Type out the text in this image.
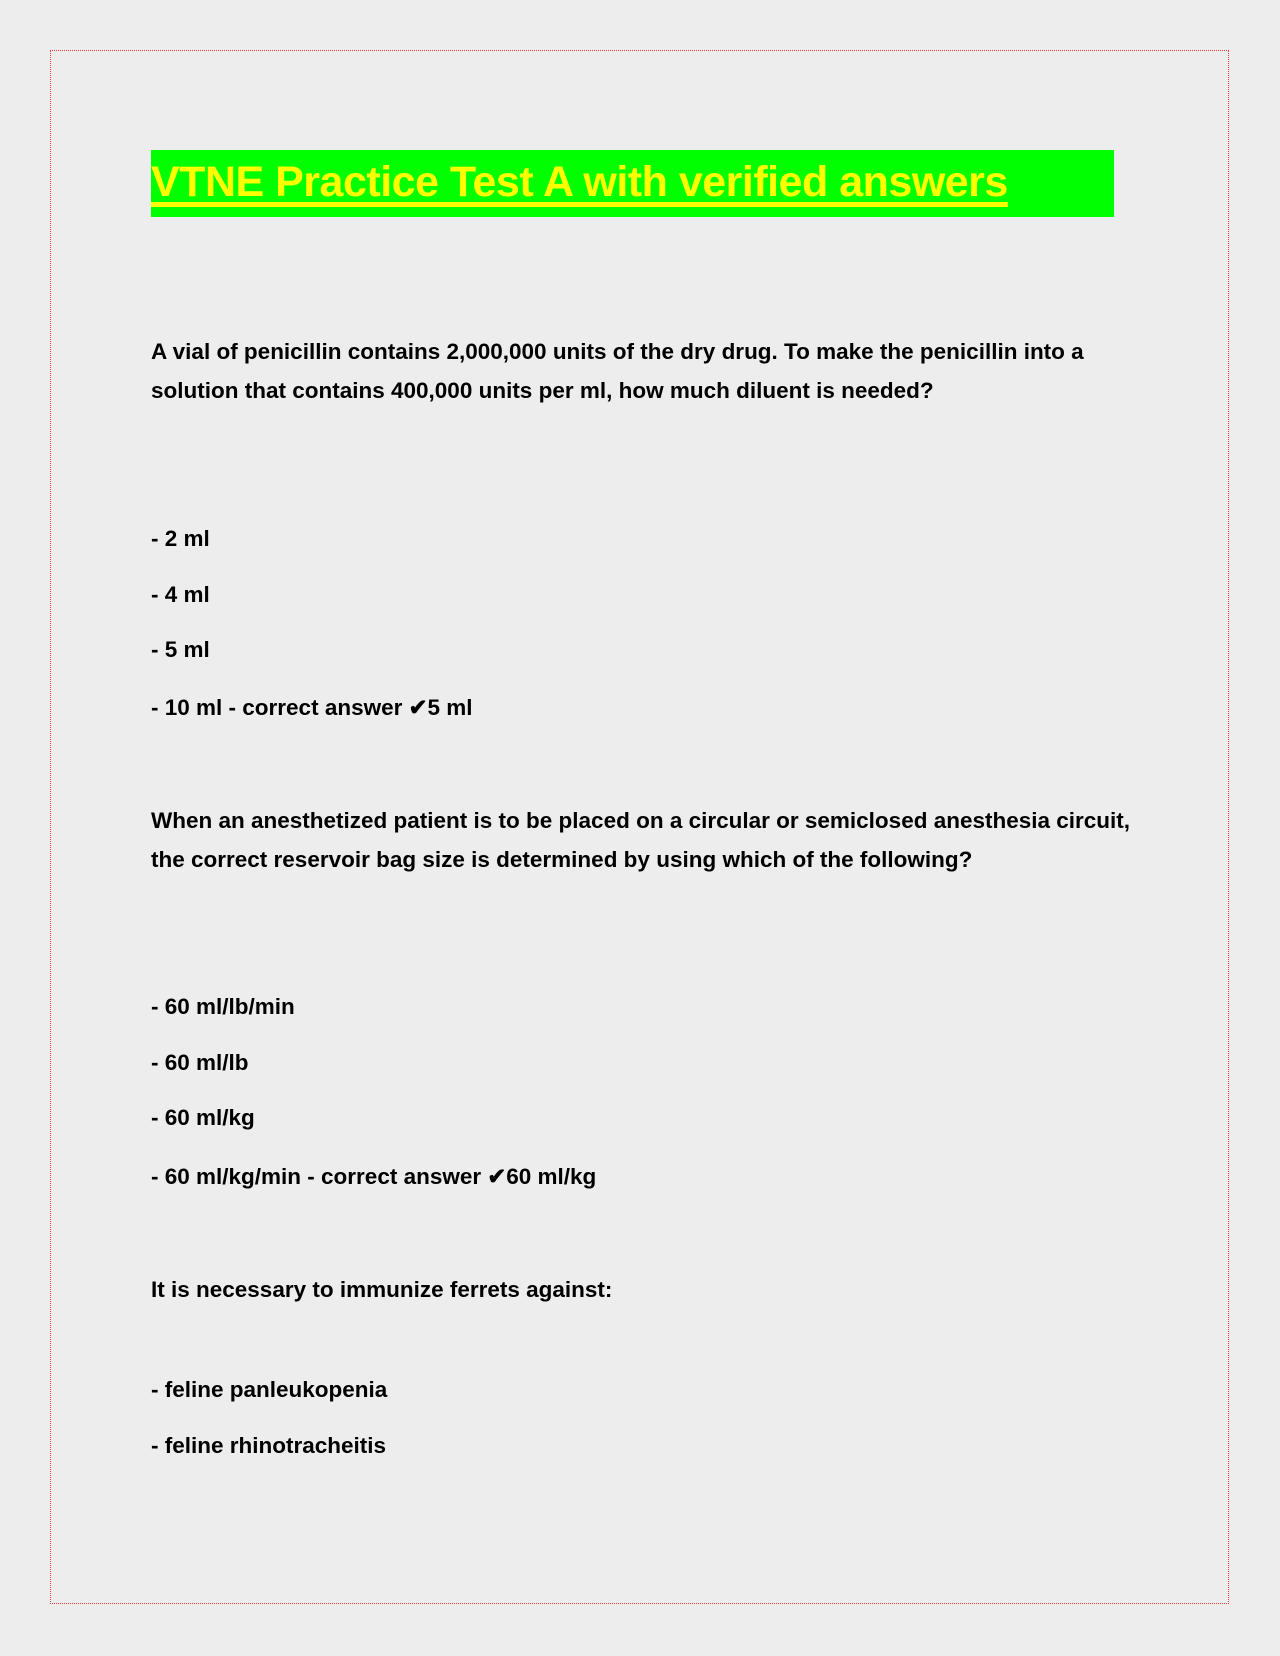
VTNE Practice Test A with verified answers
A vial of penicillin contains 2,000,000 units of the dry drug. To make the penicillin into a solution that contains 400,000 units per ml, how much diluent is needed?
- 2 ml
- 4 ml
- 5 ml
- 10 ml - correct answer ✔5 ml
When an anesthetized patient is to be placed on a circular or semiclosed anesthesia circuit, the correct reservoir bag size is determined by using which of the following?
- 60 ml/lb/min
- 60 ml/lb
- 60 ml/kg
- 60 ml/kg/min - correct answer ✔60 ml/kg
It is necessary to immunize ferrets against:
- feline panleukopenia
- feline rhinotracheitis
